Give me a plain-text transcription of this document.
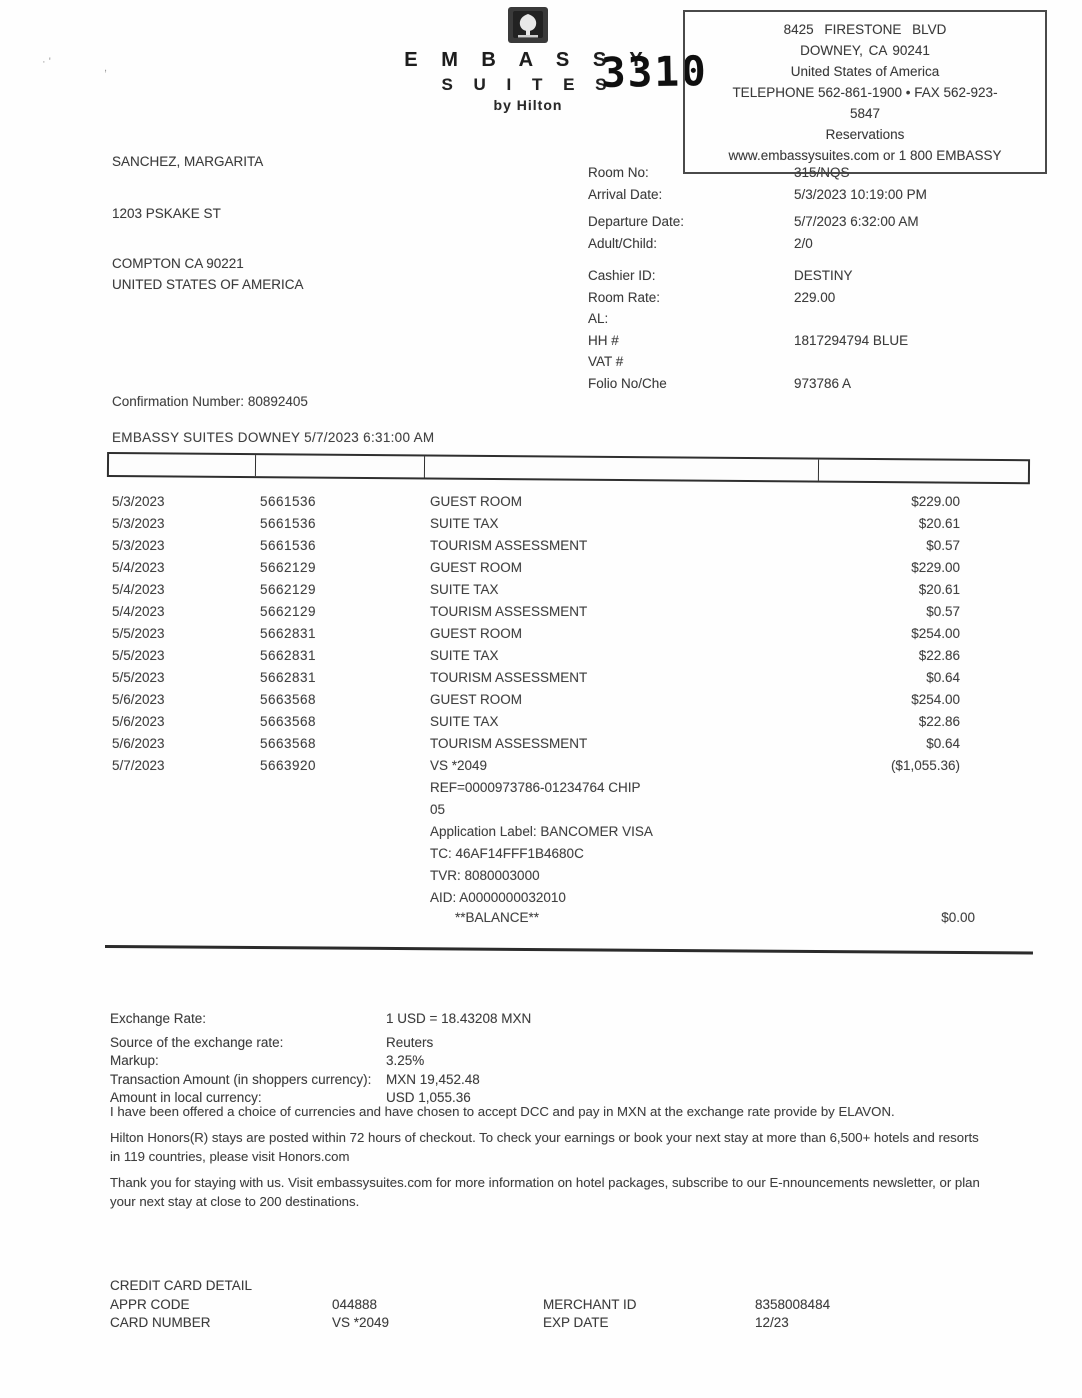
· '	,	E M B A S S Y
S U I T E S
by Hilton
3310
8425 FIRESTONE BLVD
DOWNEY, CA 90241
United States of America
TELEPHONE 562-861-1900 • FAX 562-923-
5847
Reservations
www.embassysuites.com or 1 800 EMBASSY
SANCHEZ, MARGARITA
1203 PSKAKE ST
COMPTON CA 90221
UNITED STATES OF AMERICA
Room No:	315/NQS
Arrival Date:	5/3/2023 10:19:00 PM
Departure Date:	5/7/2023 6:32:00 AM
Adult/Child:	2/0
Cashier ID:	DESTINY
Room Rate:	229.00
AL:
HH #	1817294794 BLUE
VAT #
Folio No/Che	973786 A
Confirmation Number: 80892405
EMBASSY SUITES DOWNEY 5/7/2023 6:31:00 AM
5/3/2023	5661536	GUEST ROOM	$229.00
5/3/2023	5661536	SUITE TAX	$20.61
5/3/2023	5661536	TOURISM ASSESSMENT	$0.57
5/4/2023	5662129	GUEST ROOM	$229.00
5/4/2023	5662129	SUITE TAX	$20.61
5/4/2023	5662129	TOURISM ASSESSMENT	$0.57
5/5/2023	5662831	GUEST ROOM	$254.00
5/5/2023	5662831	SUITE TAX	$22.86
5/5/2023	5662831	TOURISM ASSESSMENT	$0.64
5/6/2023	5663568	GUEST ROOM	$254.00
5/6/2023	5663568	SUITE TAX	$22.86
5/6/2023	5663568	TOURISM ASSESSMENT	$0.64
5/7/2023	5663920	VS *2049	($1,055.36)
REF=0000973786-01234764 CHIP
05
Application Label: BANCOMER VISA
TC: 46AF14FFF1B4680C
TVR: 8080003000
AID: A0000000032010
**BALANCE**	$0.00
Exchange Rate:	1 USD = 18.43208 MXN
Source of the exchange rate:	Reuters
Markup:	3.25%
Transaction Amount (in shoppers currency):	MXN 19,452.48
Amount in local currency:	USD 1,055.36

I have been offered a choice of currencies and have chosen to accept DCC and pay in MXN at the exchange rate provide by ELAVON.

Hilton Honors(R) stays are posted within 72 hours of checkout. To check your earnings or book your next stay at more than 6,500+ hotels and resorts in 119 countries, please visit Honors.com

Thank you for staying with us. Visit embassysuites.com for more information on hotel packages, subscribe to our E-nnouncements newsletter, or plan your next stay at close to 200 destinations.

CREDIT CARD DETAIL
APPR CODE	044888	MERCHANT ID	8358008484
CARD NUMBER	VS *2049	EXP DATE	12/23
